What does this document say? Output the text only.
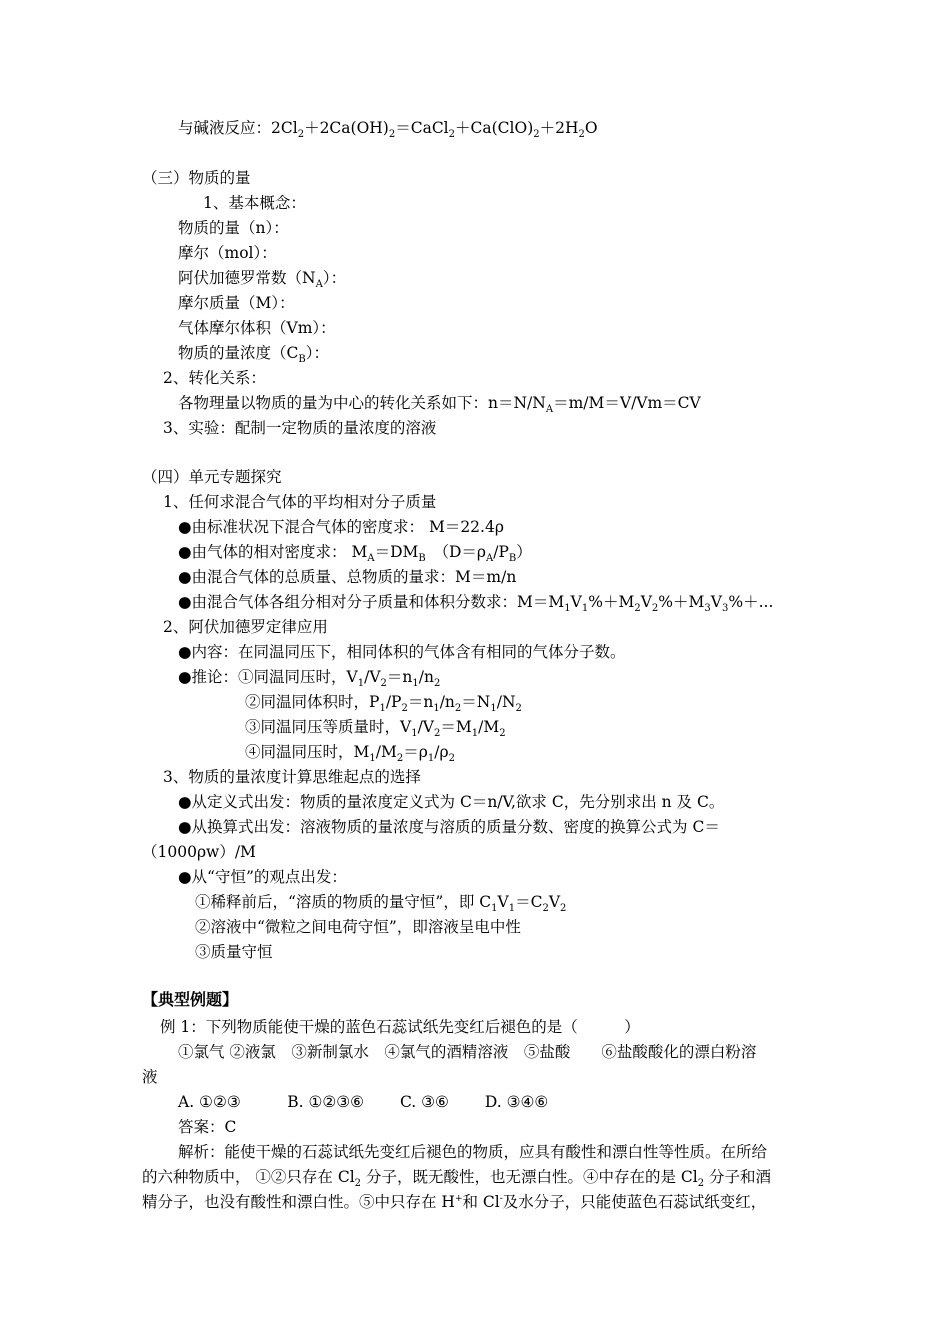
与碱液反应：$2Cl_2+2Ca(OH)_2=CaCl_2+Ca(ClO)_2+2H_2O$
（三）物质的量
1、基本概念：
物质的量（n）：
摩尔（mol）：
阿伏加德罗常数$(N_A)$：
摩尔质量（M）：
气体摩尔体积（Vm）：
物质的量浓度$(C_B)$：
2、转化关系：
各物理量以物质的量为中心的转化关系如下：$n=N/N_A=m/M=V/Vm=CV$
3、实验：配制一定物质的量浓度的溶液
（四）单元专题探究
1、任何求混合气体的平均相对分子质量
●由标准状况下混合气体的密度求： M＝22.4ρ
●由气体的相对密度求： $M_A=DM_B$　$(D=\rho_A/P_B)$
●由混合气体的总质量、总物质的量求：M＝m/n
●由混合气体各组分相对分子质量和体积分数求：$M=M_1V_1\%+M_2V_2\%+M_3V_3\%+$...
2、阿伏加德罗定律应用
●内容：在同温同压下，相同体积的气体含有相同的气体分子数。
●推论：①同温同压时，$V_1/V_2=n_1/n_2$
②同温同体积时，$P_1/P_2=n_1/n_2=N_1/N_2$
③同温同压等质量时，$V_1/V_2=M_1/M_2$
④同温同压时，$M_1/M_2=\rho_1/\rho_2$
3、物质的量浓度计算思维起点的选择
●从定义式出发：物质的量浓度定义式为 C＝n/V,欲求 C，先分别求出 n 及 C。
●从换算式出发：溶液物质的量浓度与溶质的质量分数、密度的换算公式为 C＝
（1000ρw）/M
●从“守恒”的观点出发：
①稀释前后，“溶质的物质的量守恒”，即 $C_1V_1=C_2V_2$
②溶液中“微粒之间电荷守恒”，即溶液呈电中性
③质量守恒
【典型例题】
例 1：下列物质能使干燥的蓝色石蕊试纸先变红后褪色的是（　　　）
①氯气 ②液氯　③新制氯水　④氯气的酒精溶液　⑤盐酸　　⑥盐酸酸化的漂白粉溶
液
A. ①②③　　　B. ①②③⑥　　 C. ③⑥　　 D. ③④⑥
答案：C
解析：能使干燥的石蕊试纸先变红后褪色的物质，应具有酸性和漂白性等性质。在所给
的六种物质中， ①②只存在 $Cl_2$ 分子，既无酸性，也无漂白性。④中存在的是 $Cl_2$ 分子和酒
精分子，也没有酸性和漂白性。⑤中只存在 H+和 Cl-及水分子，只能使蓝色石蕊试纸变红，
